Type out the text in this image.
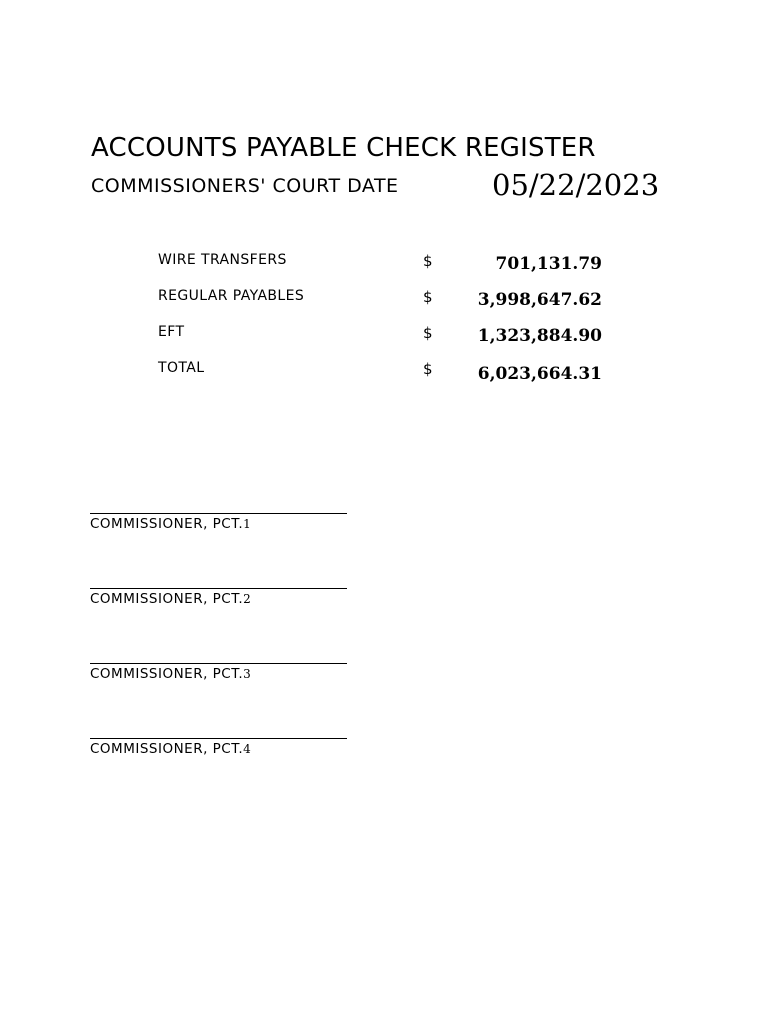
ACCOUNTS PAYABLE CHECK REGISTER
COMMISSIONERS' COURT DATE	05/22/2023
WIRE TRANSFERS	$	701,131.79
REGULAR PAYABLES	$	3,998,647.62
EFT	$	1,323,884.90
TOTAL	$	6,023,664.31
COMMISSIONER, PCT.1
COMMISSIONER, PCT.2
COMMISSIONER, PCT.3
COMMISSIONER, PCT.4
